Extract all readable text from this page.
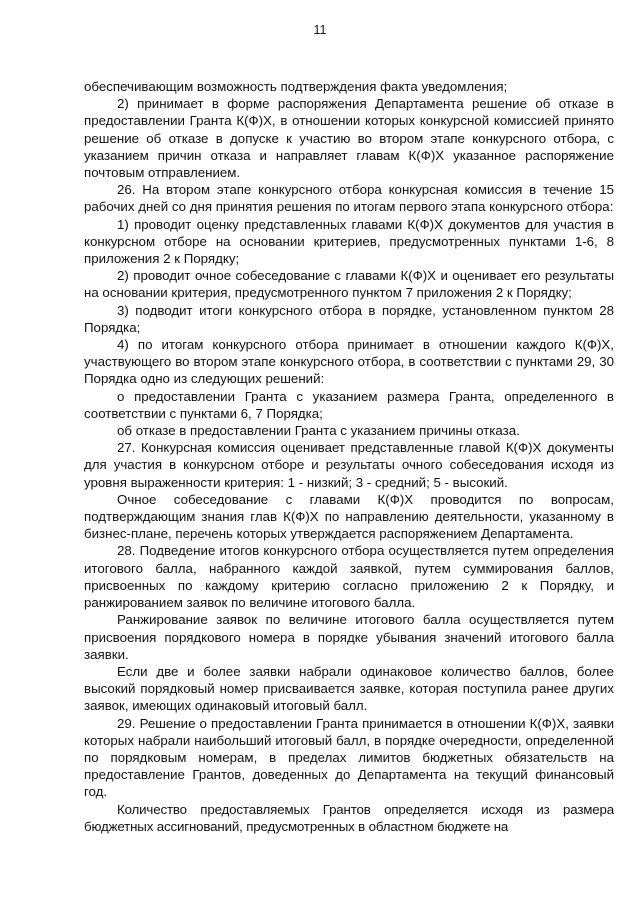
11

обеспечивающим возможность подтверждения факта уведомления;

2) принимает в форме распоряжения Департамента решение об отказе в предоставлении Гранта К(Ф)Х, в отношении которых конкурсной комиссией принято решение об отказе в допуске к участию во втором этапе конкурсного отбора, с указанием причин отказа и направляет главам К(Ф)Х указанное распоряжение почтовым отправлением.

26. На втором этапе конкурсного отбора конкурсная комиссия в течение 15 рабочих дней со дня принятия решения по итогам первого этапа конкурсного отбора:

1) проводит оценку представленных главами К(Ф)Х документов для участия в конкурсном отборе на основании критериев, предусмотренных пунктами 1-6, 8 приложения 2 к Порядку;

2) проводит очное собеседование с главами К(Ф)Х и оценивает его результаты на основании критерия, предусмотренного пунктом 7 приложения 2 к Порядку;

3) подводит итоги конкурсного отбора в порядке, установленном пунктом 28 Порядка;

4) по итогам конкурсного отбора принимает в отношении каждого К(Ф)Х, участвующего во втором этапе конкурсного отбора, в соответствии с пунктами 29, 30 Порядка одно из следующих решений:

о предоставлении Гранта с указанием размера Гранта, определенного в соответствии с пунктами 6, 7 Порядка;

об отказе в предоставлении Гранта с указанием причины отказа.

27. Конкурсная комиссия оценивает представленные главой К(Ф)Х документы для участия в конкурсном отборе и результаты очного собеседования исходя из уровня выраженности критерия: 1 - низкий; 3 - средний; 5 - высокий.

Очное собеседование с главами К(Ф)Х проводится по вопросам, подтверждающим знания глав К(Ф)Х по направлению деятельности, указанному в бизнес-плане, перечень которых утверждается распоряжением Департамента.

28. Подведение итогов конкурсного отбора осуществляется путем определения итогового балла, набранного каждой заявкой, путем суммирования баллов, присвоенных по каждому критерию согласно приложению 2 к Порядку, и ранжированием заявок по величине итогового балла.

Ранжирование заявок по величине итогового балла осуществляется путем присвоения порядкового номера в порядке убывания значений итогового балла заявки.

Если две и более заявки набрали одинаковое количество баллов, более высокий порядковый номер присваивается заявке, которая поступила ранее других заявок, имеющих одинаковый итоговый балл.

29. Решение о предоставлении Гранта принимается в отношении К(Ф)Х, заявки которых набрали наибольший итоговый балл, в порядке очередности, определенной по порядковым номерам, в пределах лимитов бюджетных обязательств на предоставление Грантов, доведенных до Департамента на текущий финансовый год.

Количество предоставляемых Грантов определяется исходя из размера бюджетных ассигнований, предусмотренных в областном бюджете на
